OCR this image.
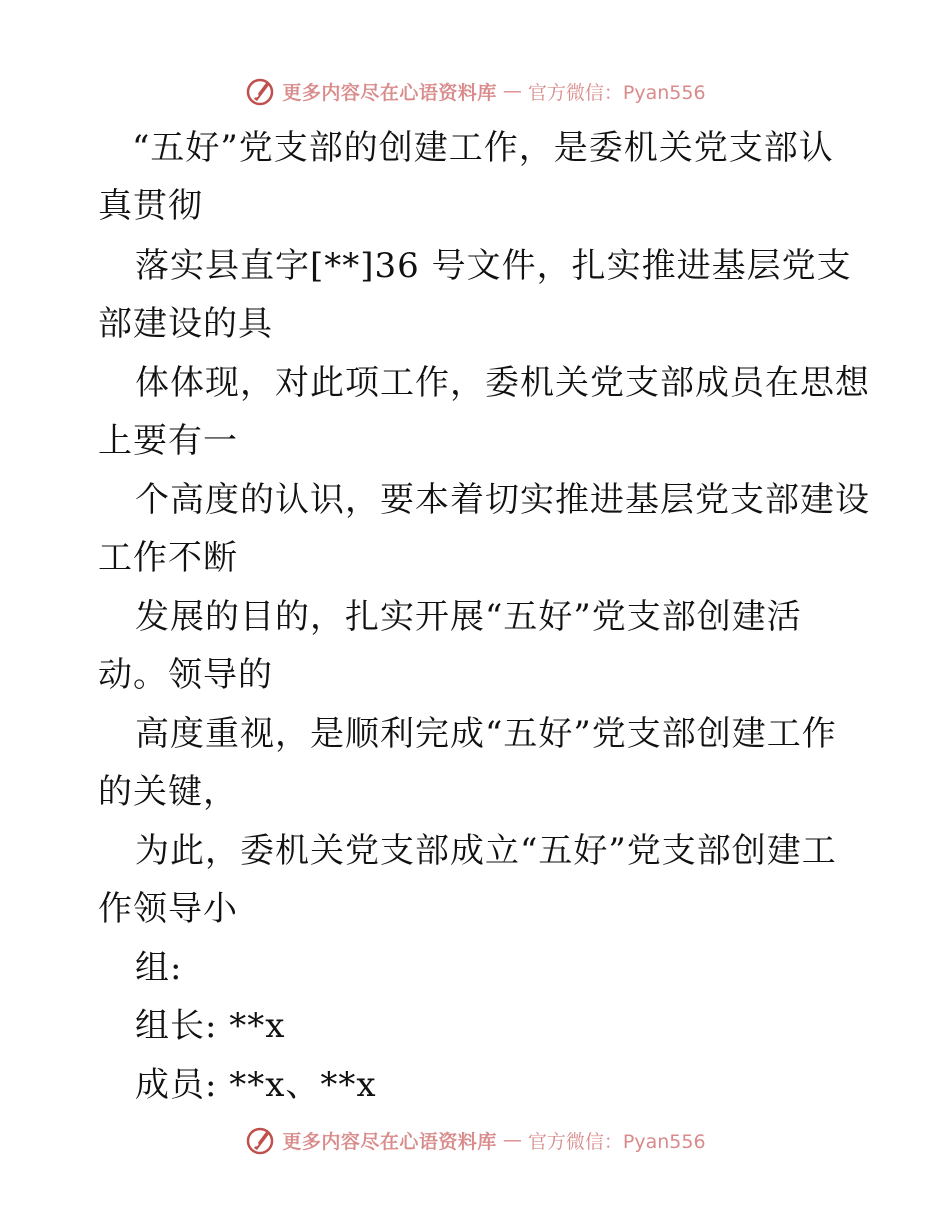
更多内容尽在心语资料库 — 官方微信：Pyan556
“五好”党支部的创建工作，是委机关党支部认
真贯彻
落实县直字[**]36 号文件，扎实推进基层党支
部建设的具
体体现，对此项工作，委机关党支部成员在思想
上要有一
个高度的认识，要本着切实推进基层党支部建设
工作不断
发展的目的，扎实开展“五好”党支部创建活
动。领导的
高度重视，是顺利完成“五好”党支部创建工作
的关键，
为此，委机关党支部成立“五好”党支部创建工
作领导小
组:
组长: **x
成员: **x、**x
更多内容尽在心语资料库 — 官方微信：Pyan556
